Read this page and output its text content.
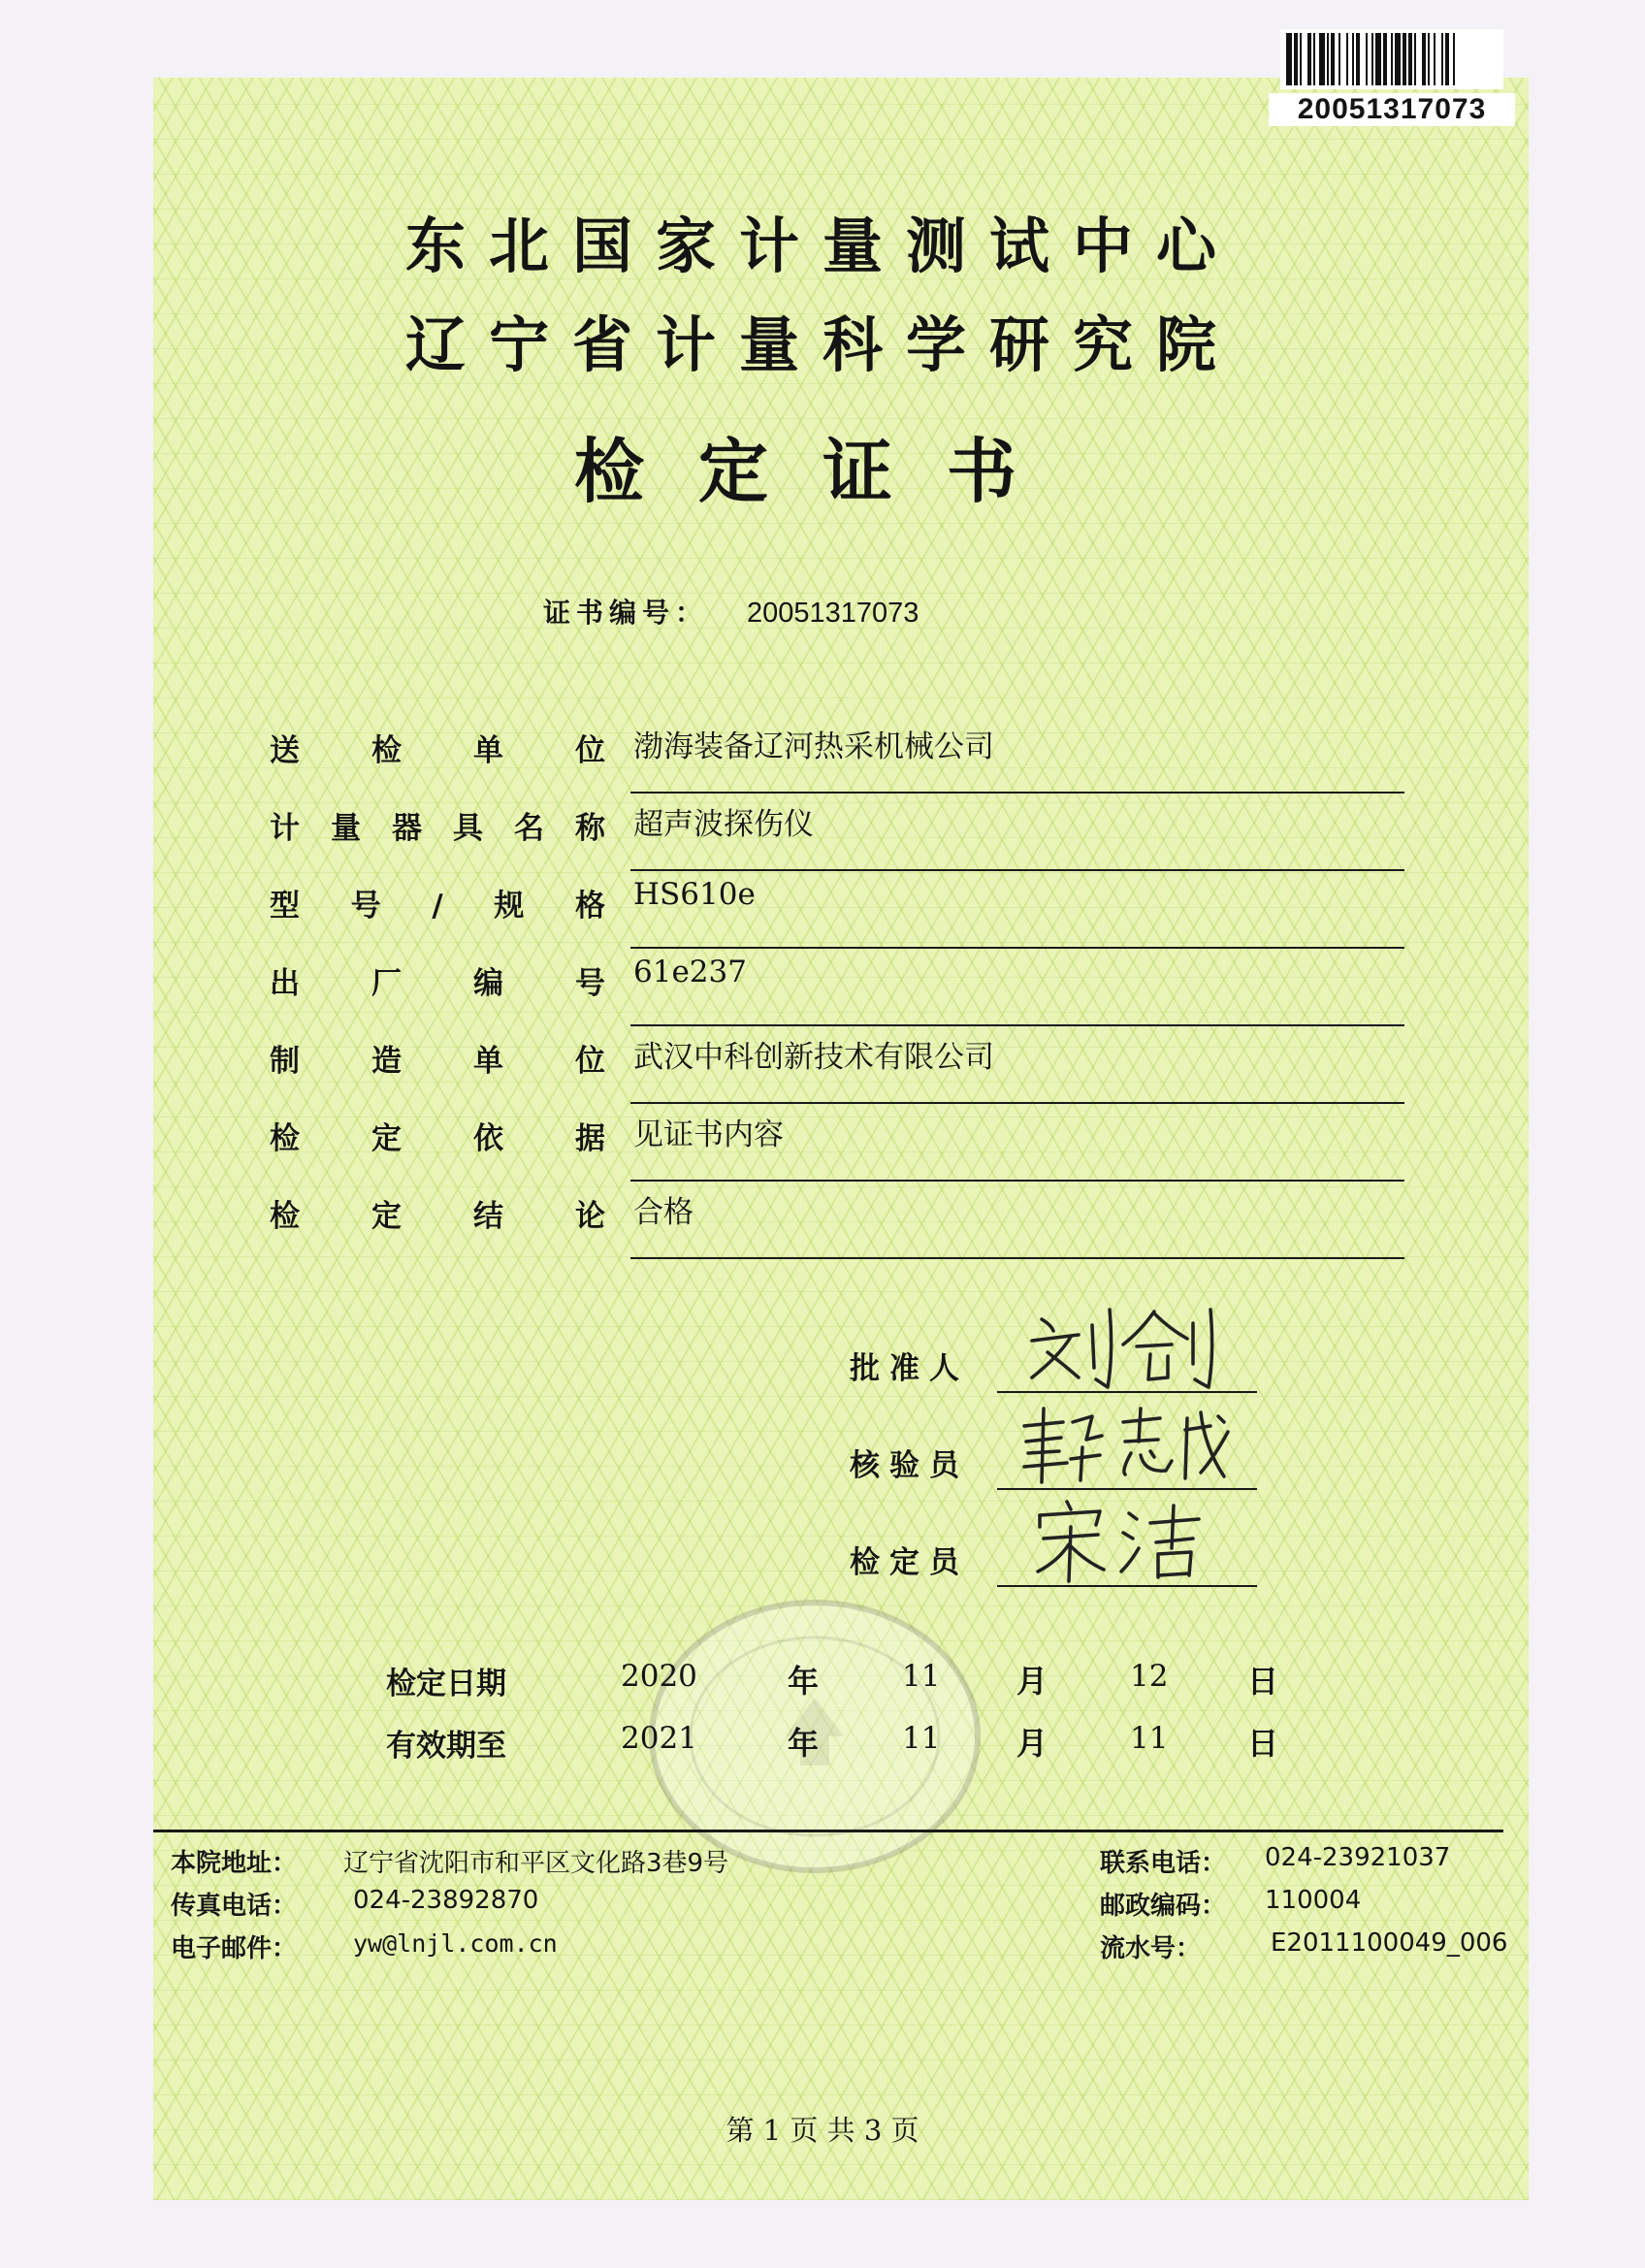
20051317073
东北国家计量测试中心
辽宁省计量科学研究院
检定证书
证书编号： 20051317073
送检单位 渤海装备辽河热采机械公司
计量器具名称 超声波探伤仪
型号/规格 HS610e
出厂编号 61e237
制造单位 武汉中科创新技术有限公司
检定依据 见证书内容
检定结论 合格
批准人
核验员
检定员
检定日期	2020	年	11 月	12	日
有效期至	2021	年	11 月	11	日
本院地址： 辽宁省沈阳市和平区文化路3巷9号
传真电话： 024-23892870
电子邮件： yw@lnjl.com.cn
联系电话： 024-23921037
邮政编码： 110004
流水号：	E2011100049_006
第 1 页 共 3 页
